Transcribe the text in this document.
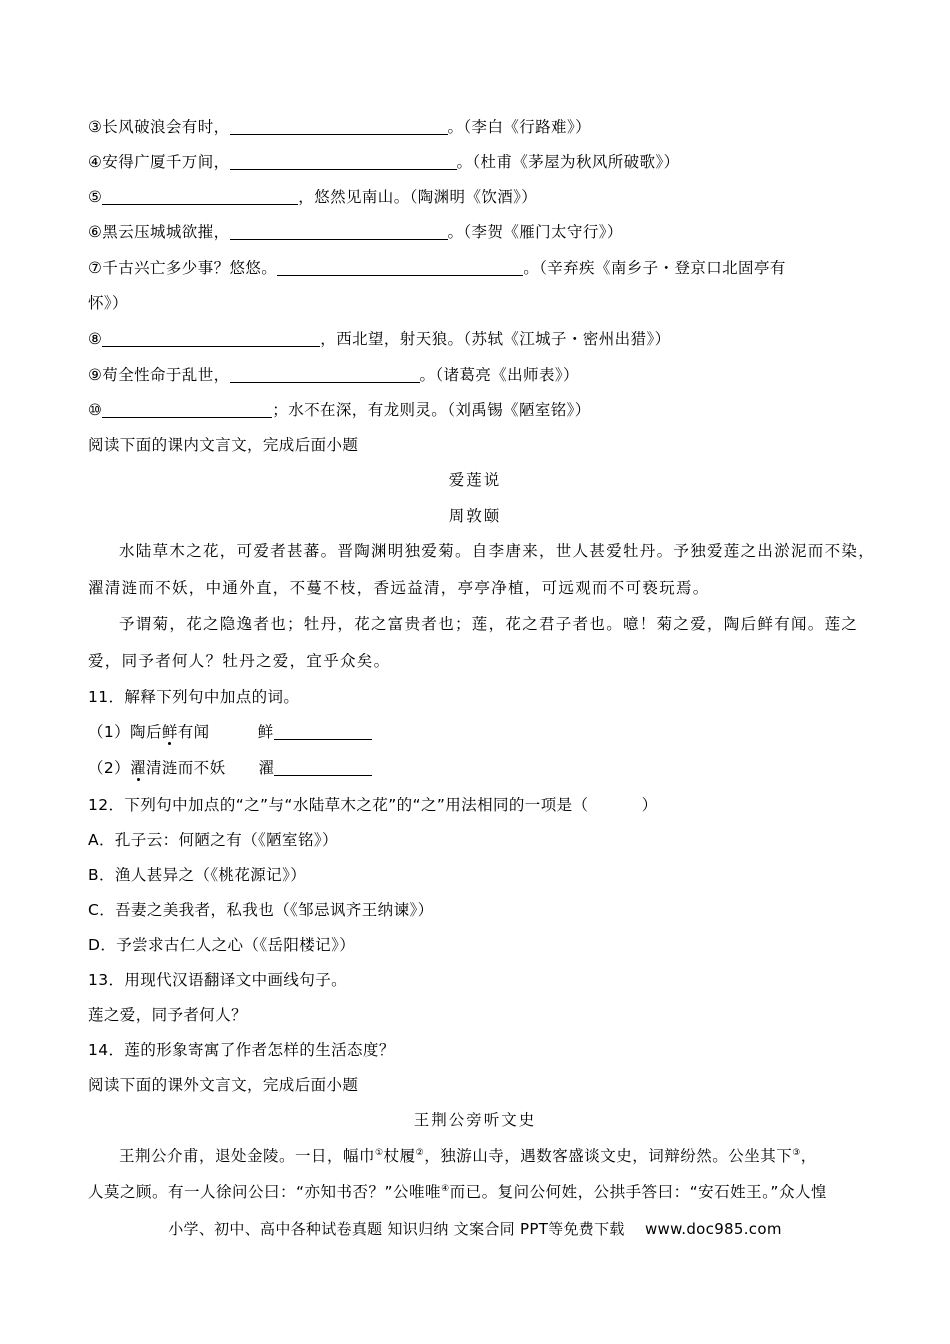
③长风破浪会有时，	。（李白《行路难》）
④安得广厦千万间，	。（杜甫《茅屋为秋风所破歌》）
⑤	，悠然见南山。（陶渊明《饮酒》）
⑥黑云压城城欲摧，	。（李贺《雁门太守行》）
⑦千古兴亡多少事？悠悠。	。（辛弃疾《南乡子・登京口北固亭有
怀》）
⑧	，西北望，射天狼。（苏轼《江城子・密州出猎》）
⑨苟全性命于乱世，	。（诸葛亮《出师表》）
⑩	；水不在深，有龙则灵。（刘禹锡《陋室铭》）
阅读下面的课内文言文，完成后面小题
爱莲说
周敦颐
水陆草木之花，可爱者甚蕃。晋陶渊明独爱菊。自李唐来，世人甚爱牡丹。予独爱莲之出淤泥而不染，
濯清涟而不妖，中通外直，不蔓不枝，香远益清，亭亭净植，可远观而不可亵玩焉。
予谓菊，花之隐逸者也；牡丹，花之富贵者也；莲，花之君子者也。噫！菊之爱，陶后鲜有闻。莲之
爱，同予者何人？牡丹之爱，宜乎众矣。
11．解释下列句中加点的词。
（1）陶后鲜有闻	鲜
（2）濯清涟而不妖 濯
12．下列句中加点的“之”与“水陆草木之花”的“之”用法相同的一项是（          ）
A．孔子云：何陋之有（《陋室铭》）
B．渔人甚异之（《桃花源记》）
C．吾妻之美我者，私我也（《邹忌讽齐王纳谏》）
D．予尝求古仁人之心（《岳阳楼记》）
13．用现代汉语翻译文中画线句子。
莲之爱，同予者何人？
14．莲的形象寄寓了作者怎样的生活态度？
阅读下面的课外文言文，完成后面小题
王荆公旁听文史
王荆公介甫，退处金陵。一日，幅巾①杖履②，独游山寺，遇数客盛谈文史，词辩纷然。公坐其下③，
人莫之顾。有一人徐问公曰：“亦知书否？”公唯唯④而已。复问公何姓，公拱手答曰：“安石姓王。”众人惶
小学、初中、高中各种试卷真题 知识归纳 文案合同 PPT等免费下载    www.doc985.com
